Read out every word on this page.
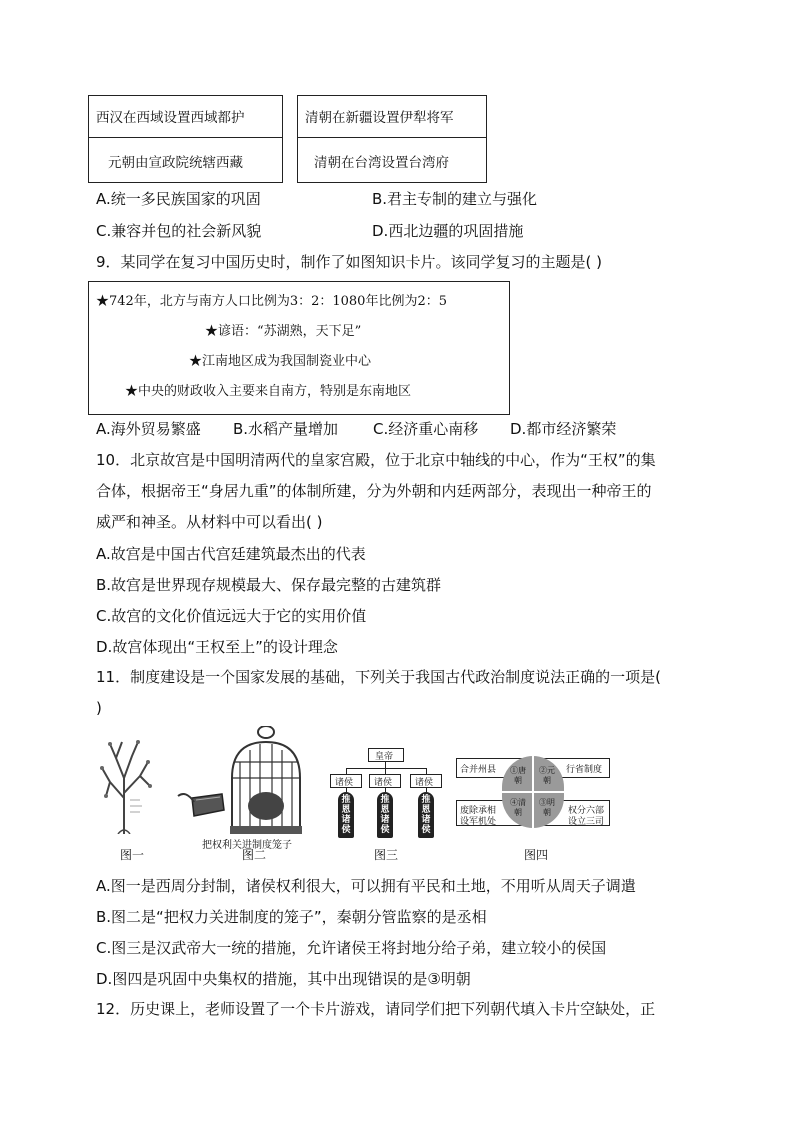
西汉在西域设置西域都护	清朝在新疆设置伊犁将军
元朝由宣政院统辖西藏	清朝在台湾设置台湾府
A.统一多民族国家的巩固	B.君主专制的建立与强化
C.兼容并包的社会新风貌	D.西北边疆的巩固措施
9．某同学在复习中国历史时，制作了如图知识卡片。该同学复习的主题是( )
★742年，北方与南方人口比例为3：2：1080年比例为2：5
★谚语：“苏湖熟，天下足”
★江南地区成为我国制瓷业中心
★中央的财政收入主要来自南方，特别是东南地区
A.海外贸易繁盛 B.水稻产量增加 C.经济重心南移 D.都市经济繁荣
10．北京故宫是中国明清两代的皇家宫殿，位于北京中轴线的中心，作为“王权”的集
合体，根据帝王“身居九重”的体制所建，分为外朝和内廷两部分，表现出一种帝王的
威严和神圣。从材料中可以看出( )
A.故宫是中国古代宫廷建筑最杰出的代表
B.故宫是世界现存规模最大、保存最完整的古建筑群
C.故宫的文化价值远远大于它的实用价值
D.故宫体现出“王权至上”的设计理念
11．制度建设是一个国家发展的基础，下列关于我国古代政治制度说法正确的一项是(
)
图一
把权利关进制度笼子
图二
皇帝
诸侯 诸侯	诸侯
推恩诸侯
推恩诸侯
推恩诸侯
图三
合并州县	行省制度
废除承相
设军机处
权分六部
设立三司
①唐朝
②元朝
④清朝
③明朝
图四
A.图一是西周分封制，诸侯权利很大，可以拥有平民和土地，不用听从周天子调遣
B.图二是“把权力关进制度的笼子”，秦朝分管监察的是丞相
C.图三是汉武帝大一统的措施，允许诸侯王将封地分给子弟，建立较小的侯国
D.图四是巩固中央集权的措施，其中出现错误的是③明朝
12．历史课上，老师设置了一个卡片游戏，请同学们把下列朝代填入卡片空缺处，正
